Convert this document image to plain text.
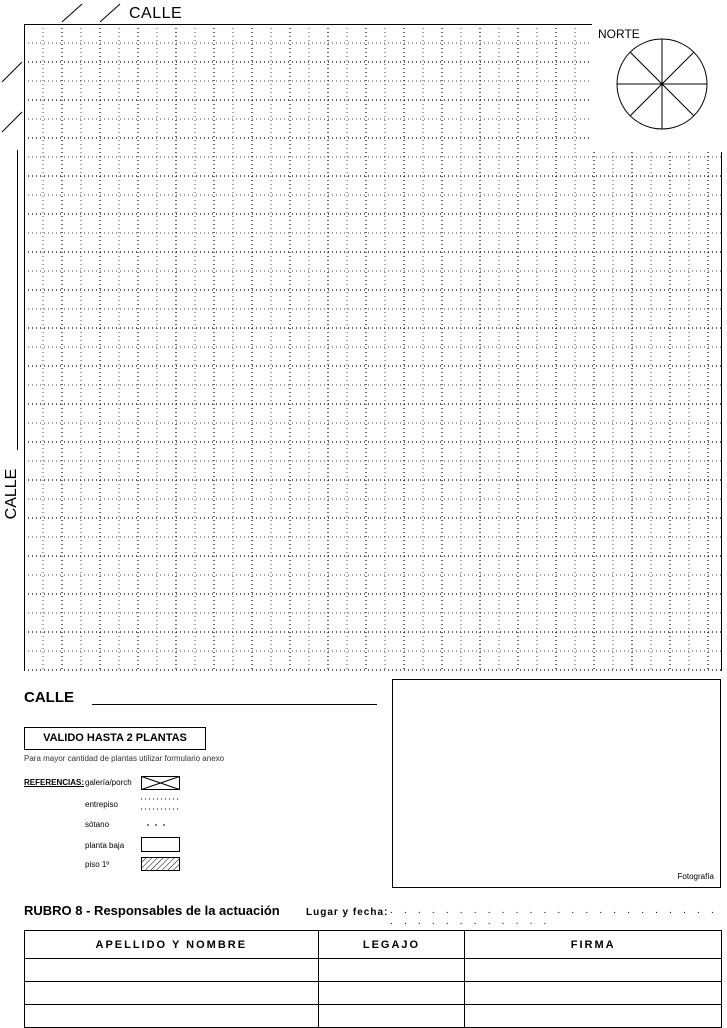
CALLE
CALLE
NORTE
CALLE
Fotografía
VALIDO HASTA 2 PLANTAS
Para mayor cantidad de plantas utilizar formulario anexo
REFERENCIAS: galería/porch
entrepiso
sótano
planta baja
piso 1º
RUBRO 8 - Responsables de la actuación	Lugar y fecha: . . . . . . . . . . . . . . . . . . . . . . . . . . . . . . . . . . . .
APELLIDO Y NOMBRE	LEGAJO	FIRMA
